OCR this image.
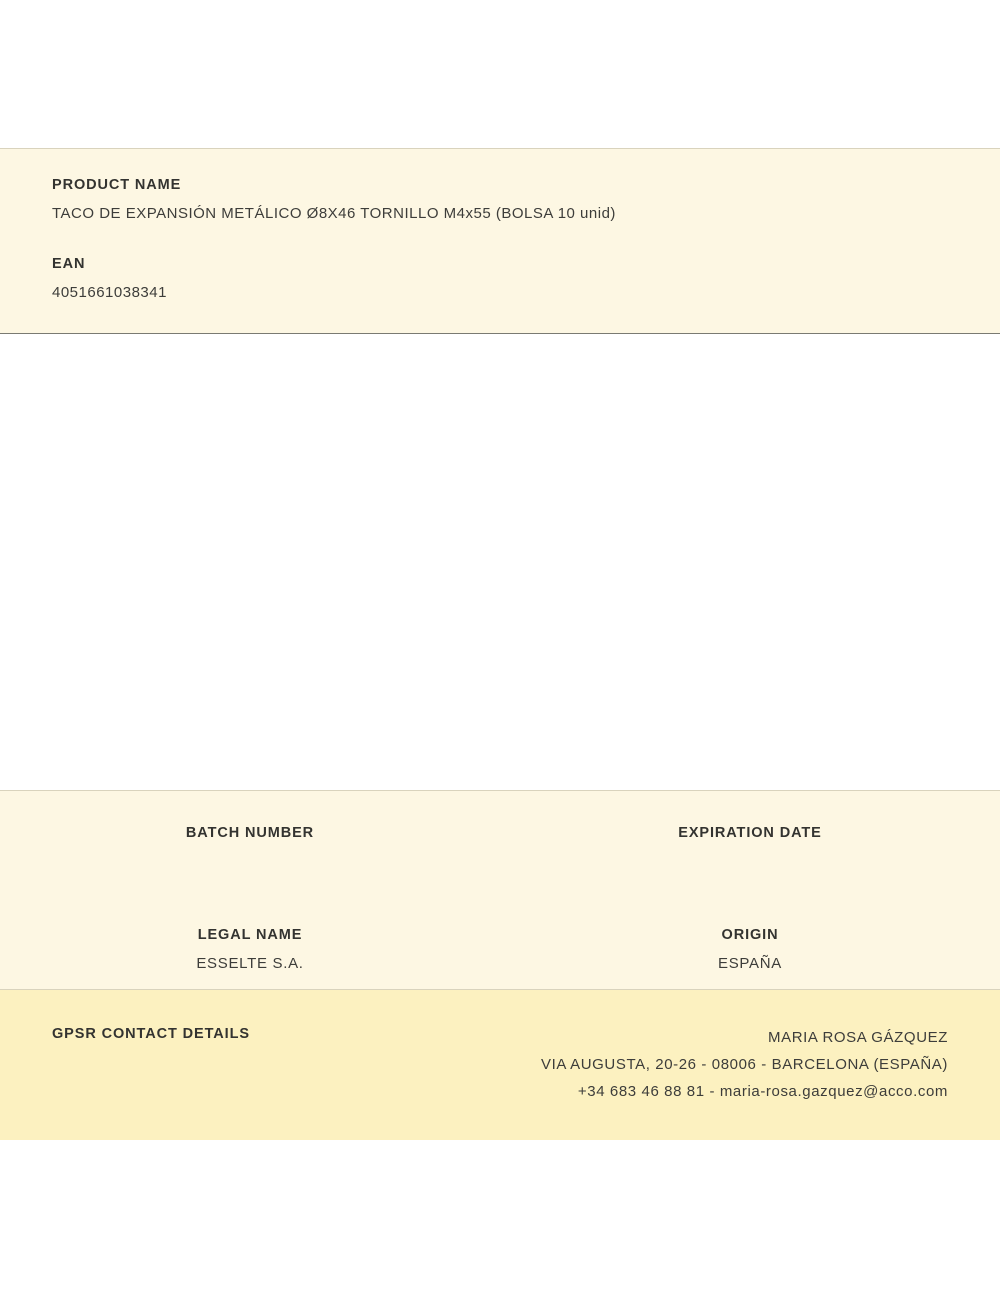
PRODUCT NAME

TACO DE EXPANSIÓN METÁLICO Ø8X46 TORNILLO M4x55 (BOLSA 10 unid)

EAN

4051661038341

BATCH NUMBER	EXPIRATION DATE

LEGAL NAME

ESSELTE S.A.

ORIGIN

ESPAÑA

GPSR CONTACT DETAILS	MARIA ROSA GÁZQUEZ
VIA AUGUSTA, 20-26 - 08006 - BARCELONA (ESPAÑA)
+34 683 46 88 81 - maria-rosa.gazquez@acco.com
